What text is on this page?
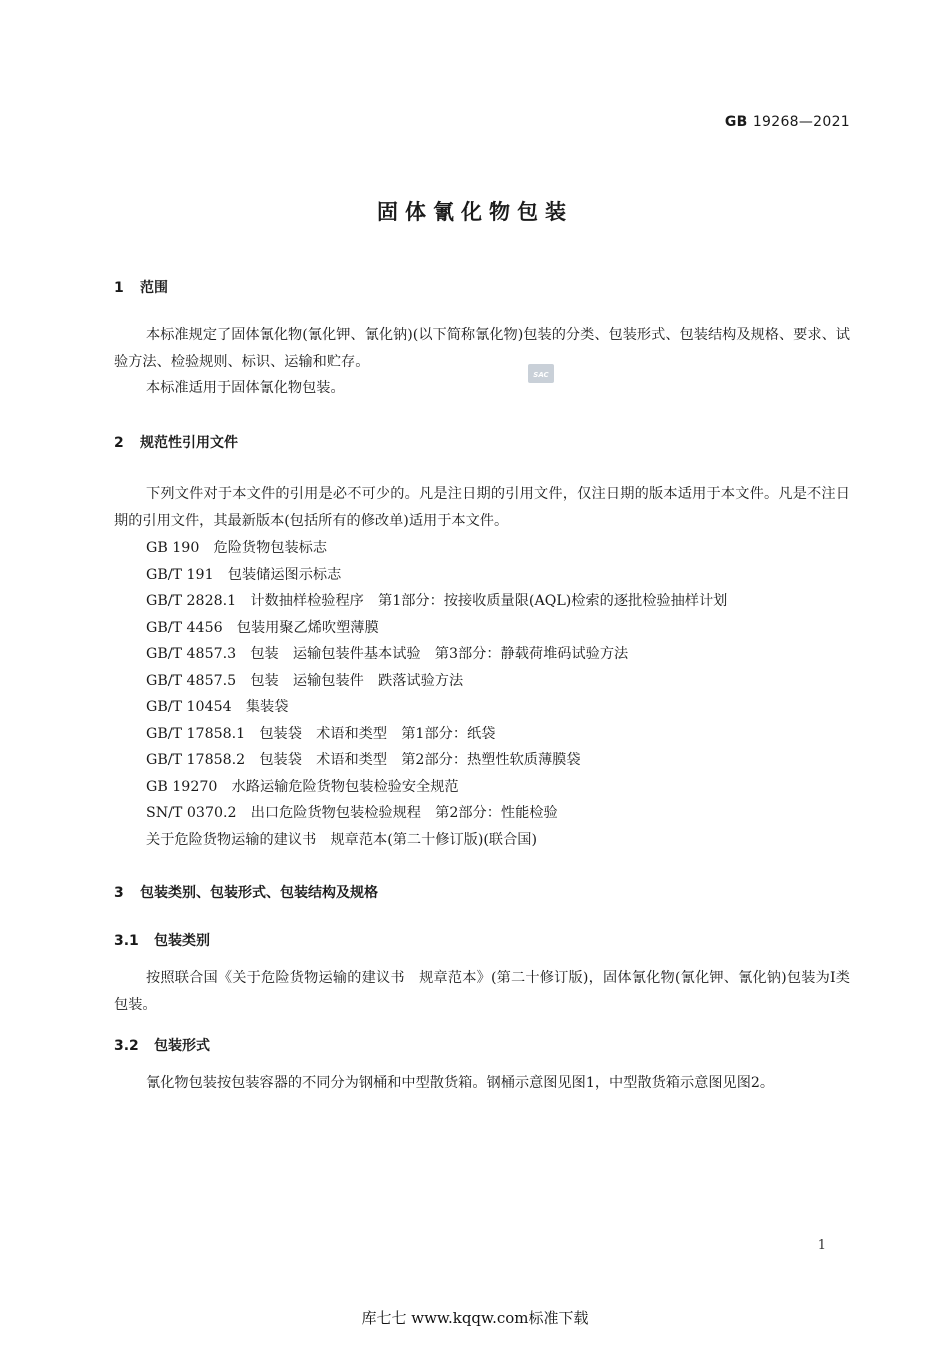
GB 19268—2021
固体氰化物包装
1 范围

本标准规定了固体氰化物(氰化钾、氰化钠)(以下简称氰化物)包装的分类、包装形式、包装结构及规格、要求、试验方法、检验规则、标识、运输和贮存。

SAC

本标准适用于固体氰化物包装。

2 规范性引用文件

下列文件对于本文件的引用是必不可少的。凡是注日期的引用文件，仅注日期的版本适用于本文件。凡是不注日期的引用文件，其最新版本(包括所有的修改单)适用于本文件。

GB 190　危险货物包装标志
GB/T 191　包装储运图示标志
GB/T 2828.1　计数抽样检验程序　第1部分：按接收质量限(AQL)检索的逐批检验抽样计划
GB/T 4456　包装用聚乙烯吹塑薄膜
GB/T 4857.3　包装　运输包装件基本试验　第3部分：静载荷堆码试验方法
GB/T 4857.5　包装　运输包装件　跌落试验方法
GB/T 10454　集装袋
GB/T 17858.1　包装袋　术语和类型　第1部分：纸袋
GB/T 17858.2　包装袋　术语和类型　第2部分：热塑性软质薄膜袋
GB 19270　水路运输危险货物包装检验安全规范
SN/T 0370.2　出口危险货物包装检验规程　第2部分：性能检验
关于危险货物运输的建议书　规章范本(第二十修订版)(联合国)
3 包装类别、包装形式、包装结构及规格
3.1 包装类别

按照联合国《关于危险货物运输的建议书　规章范本》(第二十修订版)，固体氰化物(氰化钾、氰化钠)包装为Ⅰ类包装。

3.2 包装形式

氰化物包装按包装容器的不同分为钢桶和中型散货箱。钢桶示意图见图1，中型散货箱示意图见图2。

1
库七七 www.kqqw.com标准下载
